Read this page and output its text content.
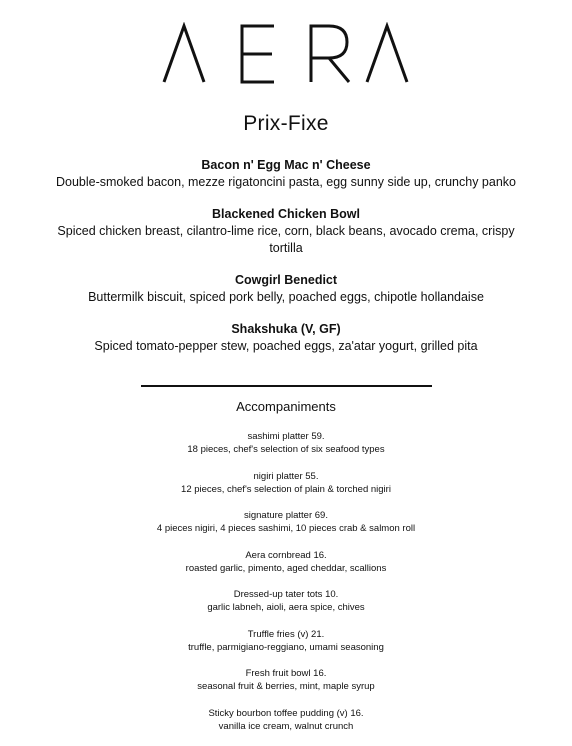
Prix-Fixe
Bacon n' Egg Mac n' Cheese
Double-smoked bacon, mezze rigatoncini pasta, egg sunny side up, crunchy panko
Blackened Chicken Bowl
Spiced chicken breast, cilantro-lime rice, corn, black beans, avocado crema, crispy tortilla
Cowgirl Benedict
Buttermilk biscuit, spiced pork belly, poached eggs, chipotle hollandaise
Shakshuka (V, GF)
Spiced tomato-pepper stew, poached eggs, za'atar yogurt, grilled pita
Accompaniments
sashimi platter 59.
18 pieces, chef's selection of six seafood types
nigiri platter 55.
12 pieces, chef's selection of plain & torched nigiri
signature platter 69.
4 pieces nigiri, 4 pieces sashimi, 10 pieces crab & salmon roll
Aera cornbread 16.
roasted garlic, pimento, aged cheddar, scallions
Dressed-up tater tots 10.
garlic labneh, aioli, aera spice, chives
Truffle fries (v) 21.
truffle, parmigiano-reggiano, umami seasoning
Fresh fruit bowl 16.
seasonal fruit & berries, mint, maple syrup
Sticky bourbon toffee pudding (v) 16.
vanilla ice cream, walnut crunch
